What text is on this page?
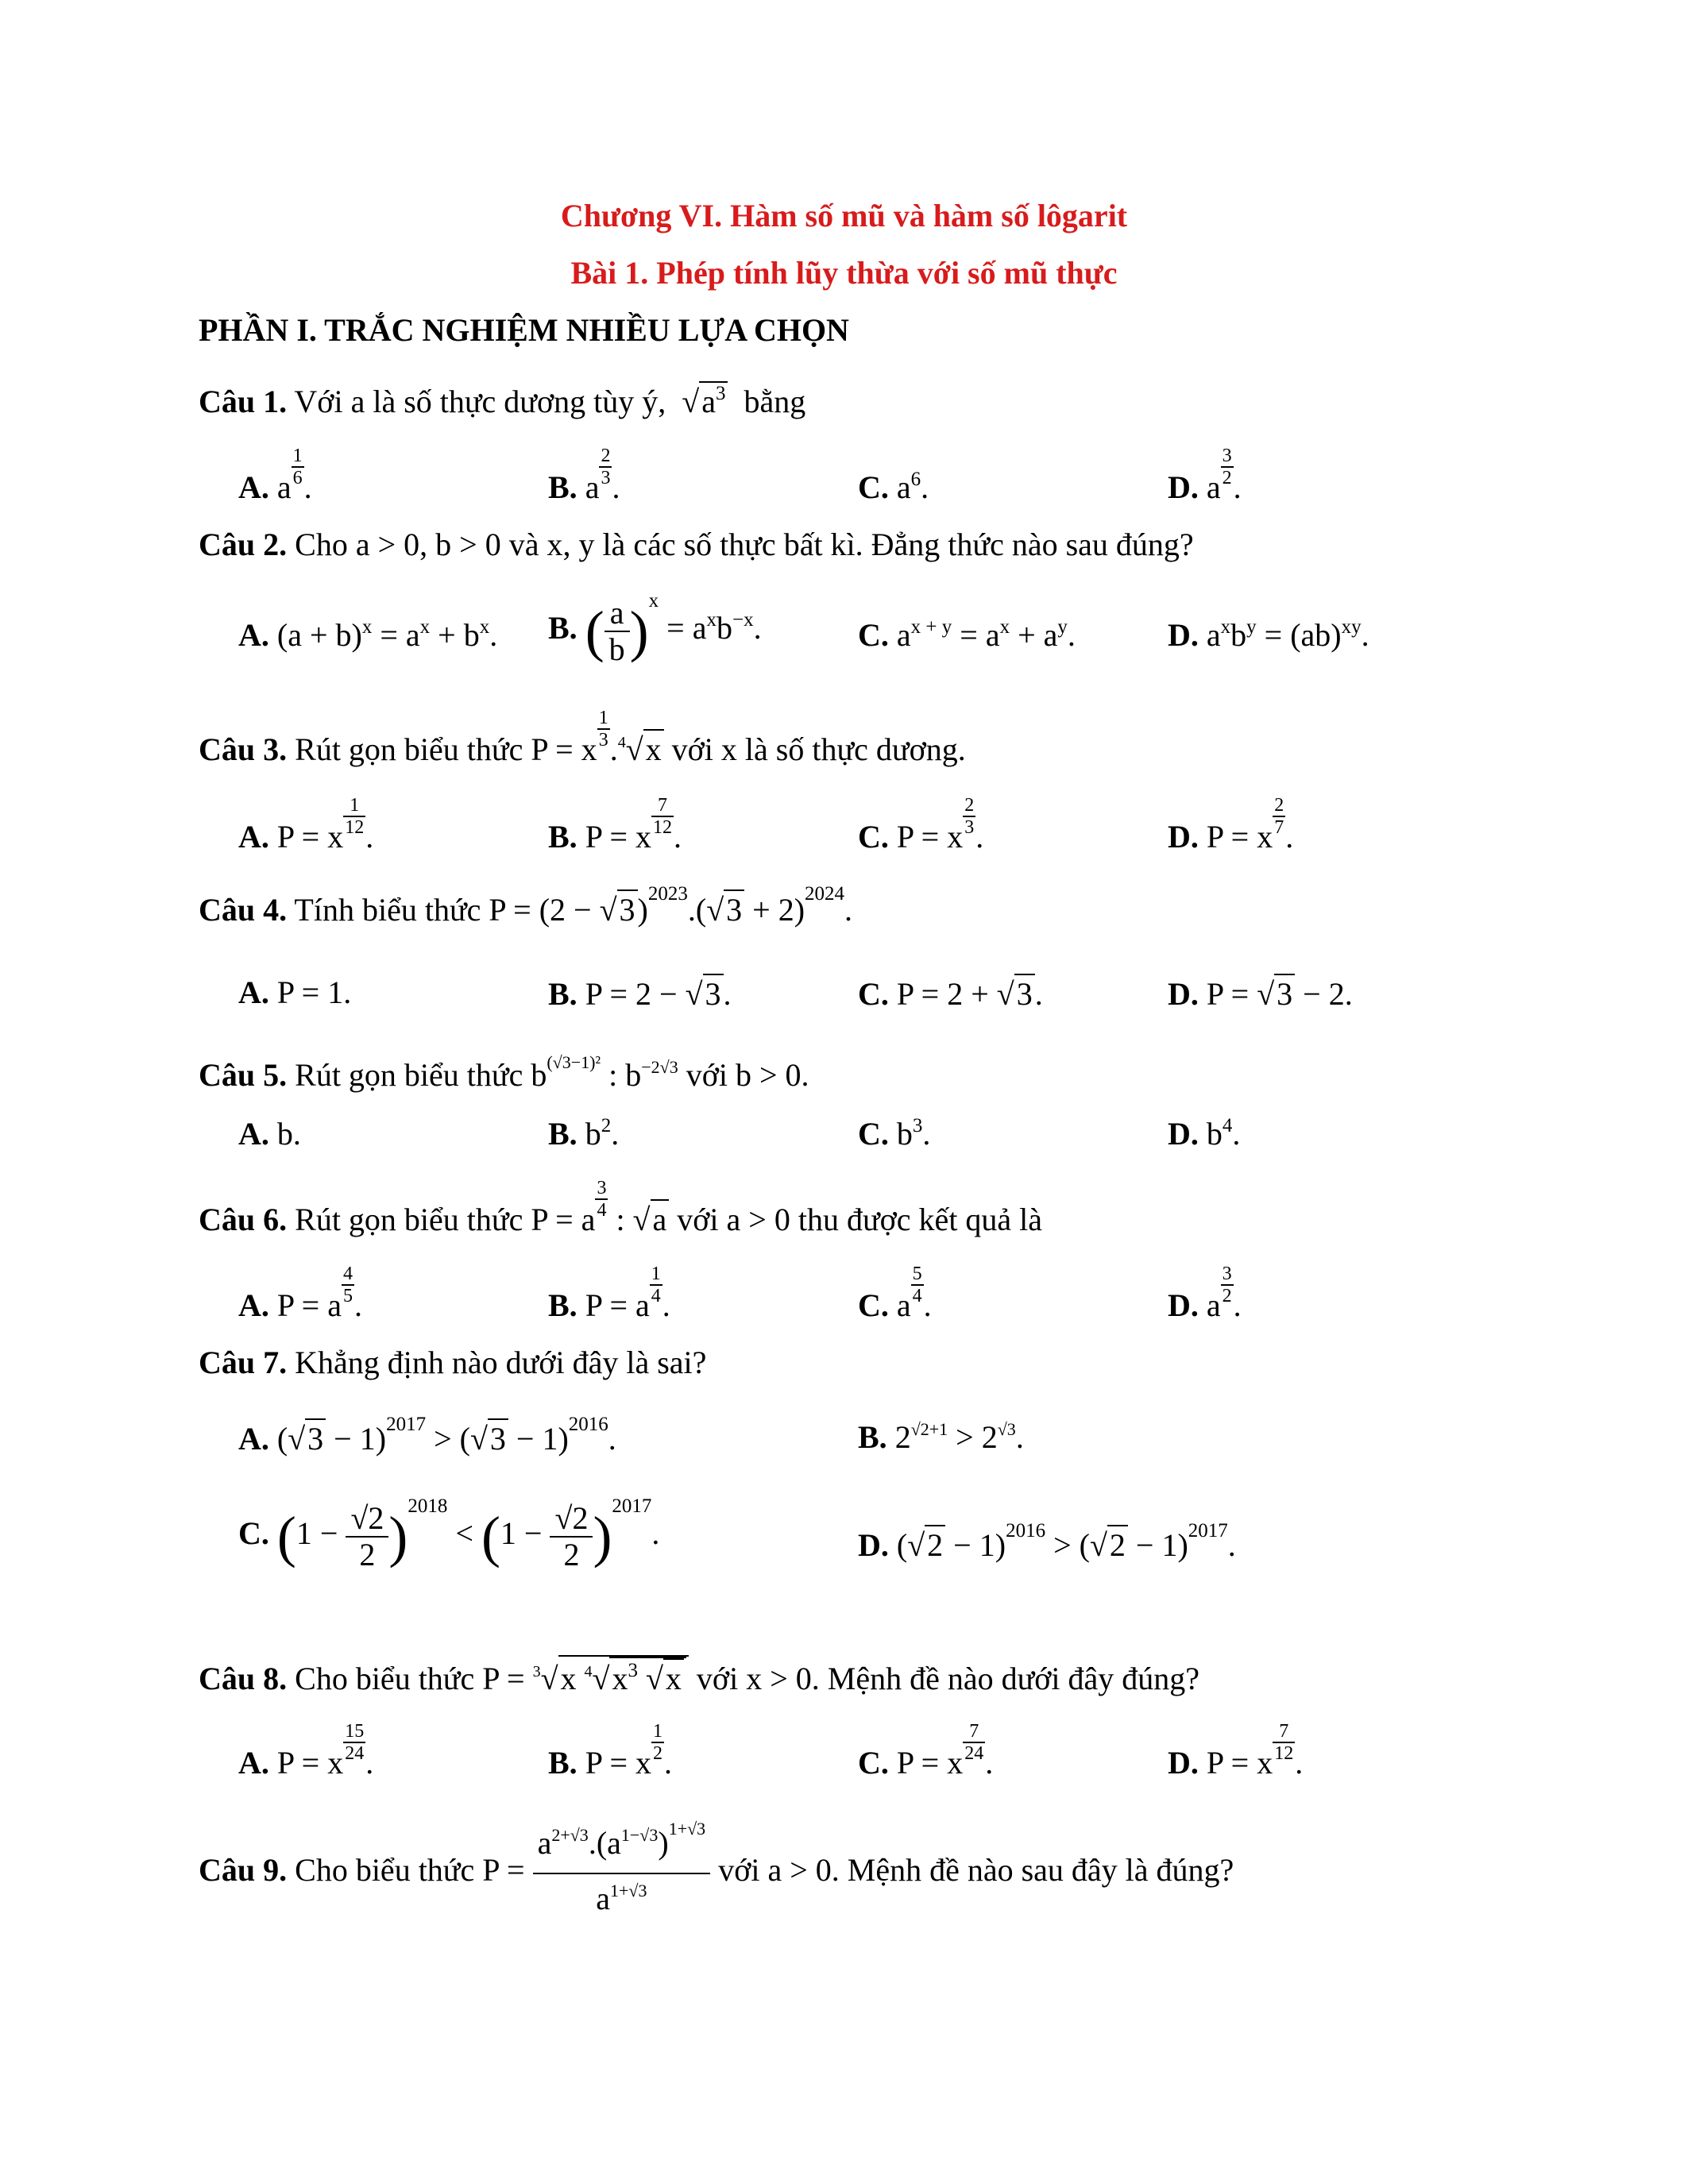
Chương VI. Hàm số mũ và hàm số lôgarit
Bài 1. Phép tính lũy thừa với số mũ thực
PHẦN I. TRẮC NGHIỆM NHIỀU LỰA CHỌN
Câu 1. Với a là số thực dương tùy ý,  $√a^3$ bằng
A. a $\frac{1}{6}$ .	B. a $\frac{2}{3}$ .	C. $a^6$.	D. a $\frac{3}{2}$ .
Câu 2. Cho a > 0, b > 0 và x, y là các số thực bất kì. Đẳng thức nào sau đúng?
A. $(a + b)^x = a^x + b^x$. B. ( $\frac{a}{b} )^x = a^xb^{-x}$.	C. $a^{x + y} = a^x + a^y$.	D. $a^xb^y = (ab)^{xy}$.
Câu 3. Rút gọn biểu thức P = x $\frac{1}{3} .^4√x$ với x là số thực dương.
A. P = x $\frac{1}{12}$ .	B. P = x $\frac{7}{12}$ .	C. P = x $\frac{2}{3}$ .	D. P = x $\frac{2}{7}$ .
Câu 4. Tính biểu thức $P = (2 - √3)^{2023}.(√3 + 2)^{2024}$.
A. P = 1.	B. P = 2 − √3.	C. P = 2 + √3.	D. P = √3 − 2.
Câu 5. Rút gọn biểu thức $b^{(√3-1)^2}$ : $b^{-2√3}$ với b > 0.
A. b.	B. $b^2$.	C. $b^3$.	D. $b^4$.
Câu 6. Rút gọn biểu thức P = a $\frac{3}{4}$ : √a với a > 0 thu được kết quả là
A. P = a $\frac{4}{5}$ .	B. P = a $\frac{1}{4}$ .	C. a $\frac{5}{4}$ .	D. a $\frac{3}{2}$ .
Câu 7. Khẳng định nào dưới đây là sai?
A. $(√3 - 1)^{2017} > (√3 - 1)^{2016}$.	B. $2^{√2+1} > 2^{√3}$.
C. $(1 - \frac{√2}{2} )^{2018} < (1 - \frac{√2}{2} )^{2017}$.	D. $(√2 - 1)^{2016} > (√2 - 1)^{2017}$.
Câu 8. Cho biểu thức P = $^3$√x $^4√x^3$ √x với x > 0. Mệnh đề nào dưới đây đúng?
A. P = x $\frac{15}{24}$ .	B. P = x $\frac{1}{2}$ .	C. P = x $\frac{7}{24}$ .	D. P = x $\frac{7}{12}$ .
Câu 9. Cho biểu thức $P = \frac{a^{2+√3}.(a^{1-√3})^{1+√3}}{a^{1+√3}}$ với a > 0. Mệnh đề nào sau đây là đúng?
